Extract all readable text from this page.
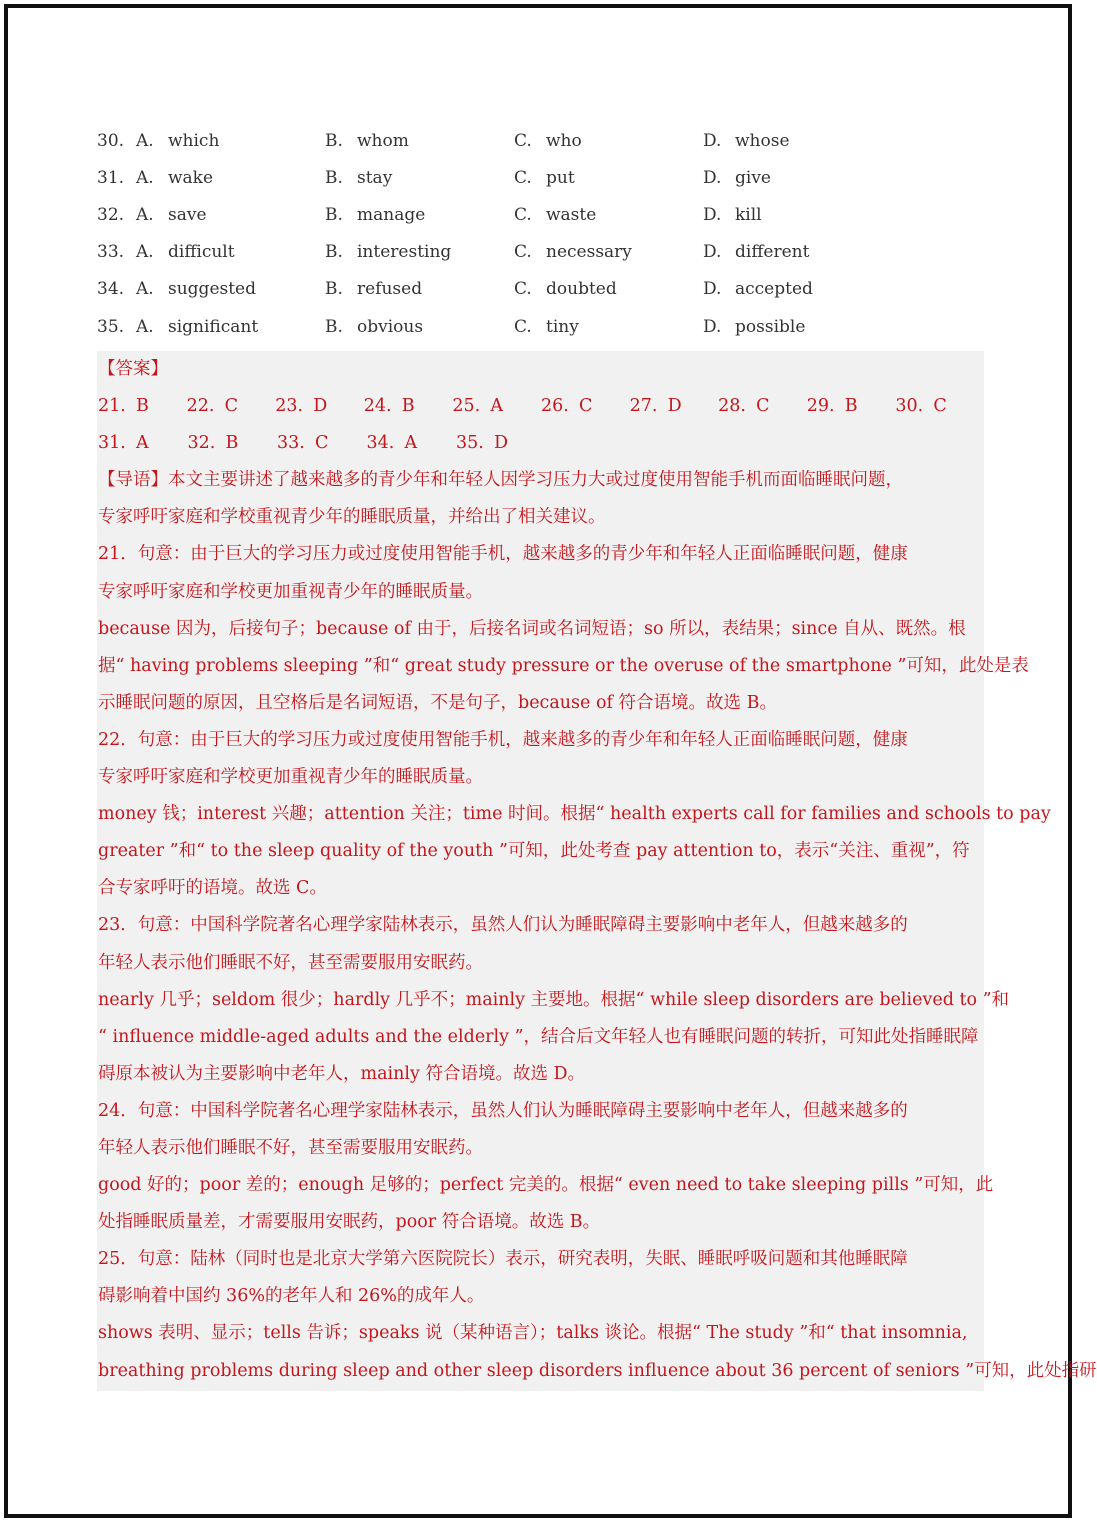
30. A. which	B. whom	C. who	D. whose
31. A. wake	B. stay	C. put	D. give
32. A. save	B. manage	C. waste	D. kill
33. A. difficult	B. interesting	C. necessary	D. different
34. A. suggested	B. refused	C. doubted	D. accepted
35. A. significant	B. obvious	C. tiny	D. possible
【答案】
21. B	22. C	23. D	24. B	25. A	26. C	27. D	28. C	29. B	30. C
31. A	32. B	33. C	34. A	35. D
【导语】本文主要讲述了越来越多的青少年和年轻人因学习压力大或过度使用智能手机而面临睡眠问题，
专家呼吁家庭和学校重视青少年的睡眠质量，并给出了相关建议。
21．句意：由于巨大的学习压力或过度使用智能手机，越来越多的青少年和年轻人正面临睡眠问题，健康
专家呼吁家庭和学校更加重视青少年的睡眠质量。
because 因为，后接句子；because of 由于，后接名词或名词短语；so 所以，表结果；since 自从、既然。根
据“ having problems sleeping ”和“ great study pressure or the overuse of the smartphone ”可知，此处是表
示睡眠问题的原因，且空格后是名词短语，不是句子，because of 符合语境。故选 B。
22．句意：由于巨大的学习压力或过度使用智能手机，越来越多的青少年和年轻人正面临睡眠问题，健康
专家呼吁家庭和学校更加重视青少年的睡眠质量。
money 钱；interest 兴趣；attention 关注；time 时间。根据“ health experts call for families and schools to pay
greater ”和“ to the sleep quality of the youth ”可知，此处考查 pay attention to，表示“关注、重视”，符
合专家呼吁的语境。故选 C。
23．句意：中国科学院著名心理学家陆林表示，虽然人们认为睡眠障碍主要影响中老年人，但越来越多的
年轻人表示他们睡眠不好，甚至需要服用安眠药。
nearly 几乎；seldom 很少；hardly 几乎不；mainly 主要地。根据“ while sleep disorders are believed to ”和
“ influence middle-aged adults and the elderly ”，结合后文年轻人也有睡眠问题的转折，可知此处指睡眠障
碍原本被认为主要影响中老年人，mainly 符合语境。故选 D。
24．句意：中国科学院著名心理学家陆林表示，虽然人们认为睡眠障碍主要影响中老年人，但越来越多的
年轻人表示他们睡眠不好，甚至需要服用安眠药。
good 好的；poor 差的；enough 足够的；perfect 完美的。根据“ even need to take sleeping pills ”可知，此
处指睡眠质量差，才需要服用安眠药，poor 符合语境。故选 B。
25．句意：陆林（同时也是北京大学第六医院院长）表示，研究表明，失眠、睡眠呼吸问题和其他睡眠障
碍影响着中国约 36%的老年人和 26%的成年人。
shows 表明、显示；tells 告诉；speaks 说（某种语言）；talks 谈论。根据“ The study ”和“ that insomnia,
breathing problems during sleep and other sleep disorders influence about 36 percent of seniors ”可知，此处指研
